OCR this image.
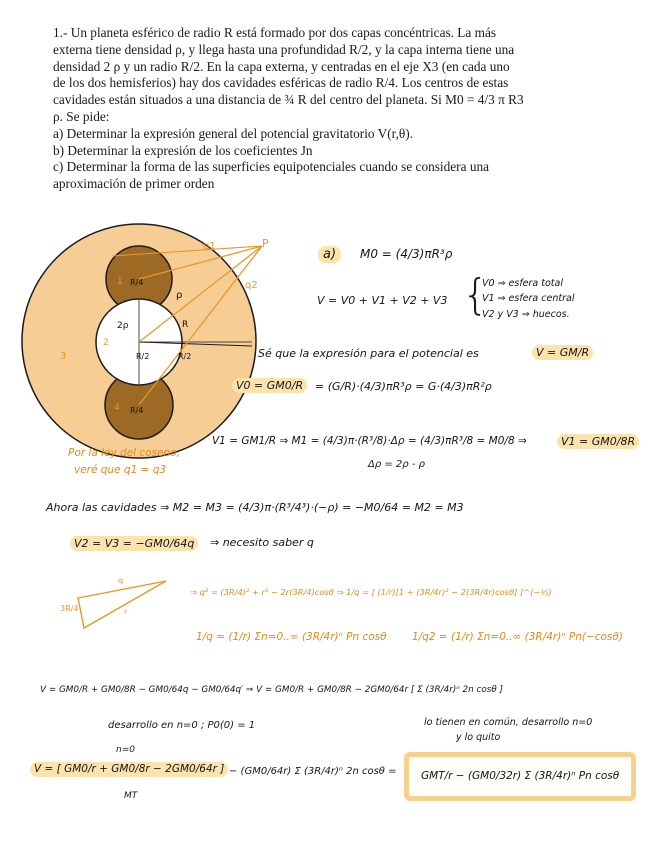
1.- Un planeta esférico de radio R está formado por dos capas concéntricas. La más

externa tiene densidad ρ, y llega hasta una profundidad R/2, y la capa interna tiene una

densidad 2 ρ y un radio R/2. En la capa externa, y centradas en el eje X3 (en cada uno

de los dos hemisferios) hay dos cavidades esféricas de radio R/4. Los centros de estas

cavidades están situados a una distancia de ¾ R del centro del planeta. Si M0 = 4/3 π R3

ρ. Se pide:

a) Determinar la expresión general del potencial gravitatorio V(r,θ).

b) Determinar la expresión de los coeficientes Jn

c) Determinar la forma de las superficies equipotenciales cuando se considera una

aproximación de primer orden

R/4
R/4
2ρ
R/2	R/2
R
1
2
3
4
P
q1
q2
ρ
q
3R/4	r
a)	M0 = (4/3)πR³ρ
V = V0 + V1 + V2 + V3 {
V0 ⇒ esfera total
V1 ⇒ esfera central
V2 y V3 ⇒ huecos.
Sé que la expresión para el potencial es	V = GM/R
V0 = GM0/R	= (G/R)·(4/3)πR³ρ = G·(4/3)πR²ρ
V1 = GM1/R ⇒ M1 = (4/3)π·(R³/8)·Δρ = (4/3)πR³/8 = M0/8 ⇒	V1 = GM0/8R
Δρ = 2ρ - ρ
Por la ley del coseno,
veré que q1 = q3
Ahora las cavidades ⇒ M2 = M3 = (4/3)π·(R³/4³)·(−ρ) = −M0/64 = M2 = M3
V2 = V3 = −GM0/64q	⇒ necesito saber q
⇒ q² = (3R/4)² + r² − 2r(3R/4)cosθ ⇒ 1/q = [ (1/r)[1 + (3R/4r)² − 2(3R/4r)cosθ] ]^(−½)
1/q = (1/r) Σn=0..∞ (3R/4r)ⁿ Pn cosθ 1/q2 = (1/r) Σn=0..∞ (3R/4r)ⁿ Pn(−cosθ)
V = GM0/R + GM0/8R − GM0/64q − GM0/64q′ ⇒ V = GM0/R + GM0/8R − 2GM0/64r [ Σ (3R/4r)ⁿ 2n cosθ ]
desarrollo en n=0 ; P0(0) = 1	lo tienen en común, desarrollo n=0
y lo quito
n=0
V = [ GM0/r + GM0/8r − 2GM0/64r ]
MT
− (GM0/64r) Σ (3R/4r)ⁿ 2n cosθ =	GMT/r − (GM0/32r) Σ (3R/4r)ⁿ Pn cosθ
